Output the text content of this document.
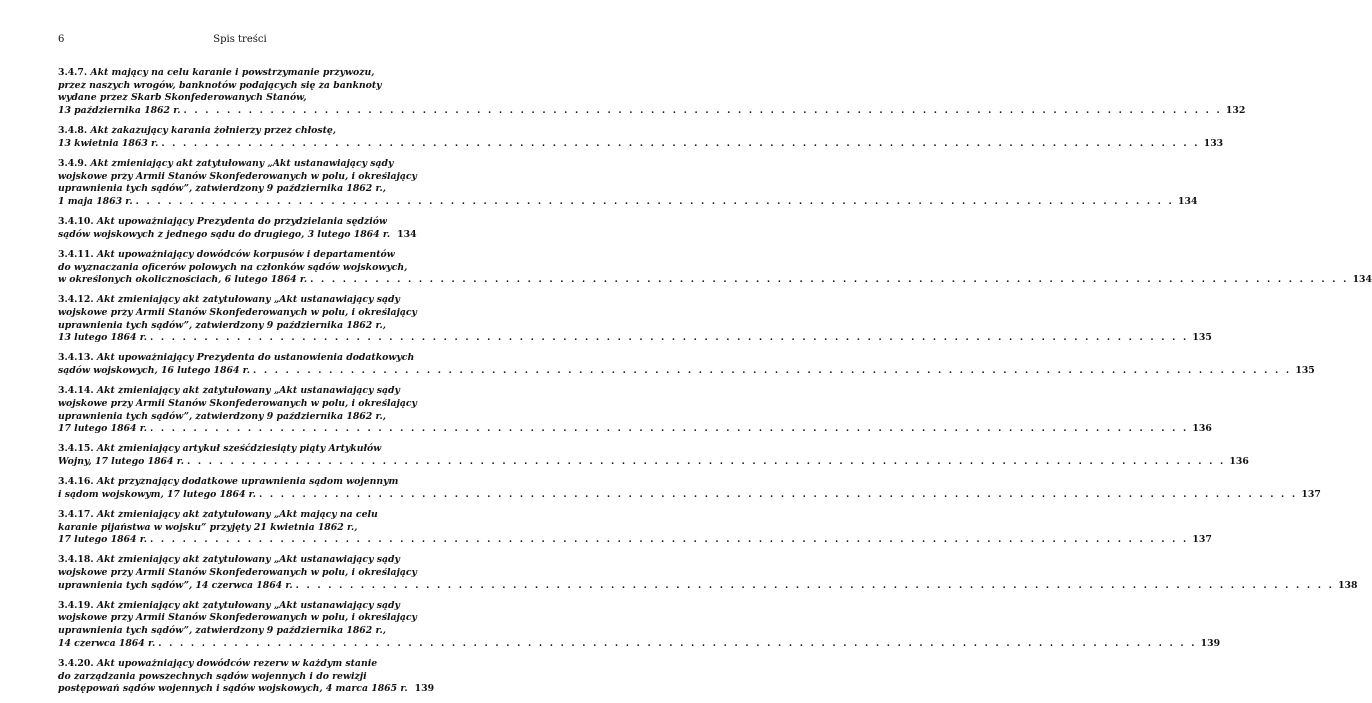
6	Spis treści
3.4.7. Akt mający na celu karanie i powstrzymanie przywozu,
przez naszych wrogów, banknotów podających się za banknoty
wydane przez Skarb Skonfederowanych Stanów,
13 października 1862 r. . . .	132
3.4.8. Akt zakazujący karania żołnierzy przez chłostę,
13 kwietnia 1863 r. . . .	133
3.4.9. Akt zmieniający akt zatytułowany „Akt ustanawiający sądy
wojskowe przy Armii Stanów Skonfederowanych w polu, i określający
uprawnienia tych sądów”, zatwierdzony 9 października 1862 r.,
1 maja 1863 r. . . .	134
3.4.10. Akt upoważniający Prezydenta do przydzielania sędziów
sądów wojskowych z jednego sądu do drugiego, 3 lutego 1864 r. 134
3.4.11. Akt upoważniający dowódców korpusów i departamentów
do wyznaczania oficerów polowych na członków sądów wojskowych,
w określonych okolicznościach, 6 lutego 1864 r. . . .	134
3.4.12. Akt zmieniający akt zatytułowany „Akt ustanawiający sądy
wojskowe przy Armii Stanów Skonfederowanych w polu, i określający
uprawnienia tych sądów”, zatwierdzony 9 października 1862 r.,
13 lutego 1864 r. . . .	135
3.4.13. Akt upoważniający Prezydenta do ustanowienia dodatkowych
sądów wojskowych, 16 lutego 1864 r. . . .	135
3.4.14. Akt zmieniający akt zatytułowany „Akt ustanawiający sądy
wojskowe przy Armii Stanów Skonfederowanych w polu, i określający
uprawnienia tych sądów”, zatwierdzony 9 października 1862 r.,
17 lutego 1864 r. . . .	136
3.4.15. Akt zmieniający artykuł sześćdziesiąty piąty Artykułów
Wojny, 17 lutego 1864 r. . . .	136
3.4.16. Akt przyznający dodatkowe uprawnienia sądom wojennym
i sądom wojskowym, 17 lutego 1864 r. . . .	137
3.4.17. Akt zmieniający akt zatytułowany „Akt mający na celu
karanie pijaństwa w wojsku” przyjęty 21 kwietnia 1862 r.,
17 lutego 1864 r. . . .	137
3.4.18. Akt zmieniający akt zatytułowany „Akt ustanawiający sądy
wojskowe przy Armii Stanów Skonfederowanych w polu, i określający
uprawnienia tych sądów”, 14 czerwca 1864 r. . . .	138
3.4.19. Akt zmieniający akt zatytułowany „Akt ustanawiający sądy
wojskowe przy Armii Stanów Skonfederowanych w polu, i określający
uprawnienia tych sądów”, zatwierdzony 9 października 1862 r.,
14 czerwca 1864 r. . . .	139
3.4.20. Akt upoważniający dowódców rezerw w każdym stanie
do zarządzania powszechnych sądów wojennych i do rewizji
postępowań sądów wojennych i sądów wojskowych, 4 marca 1865 r. 139
